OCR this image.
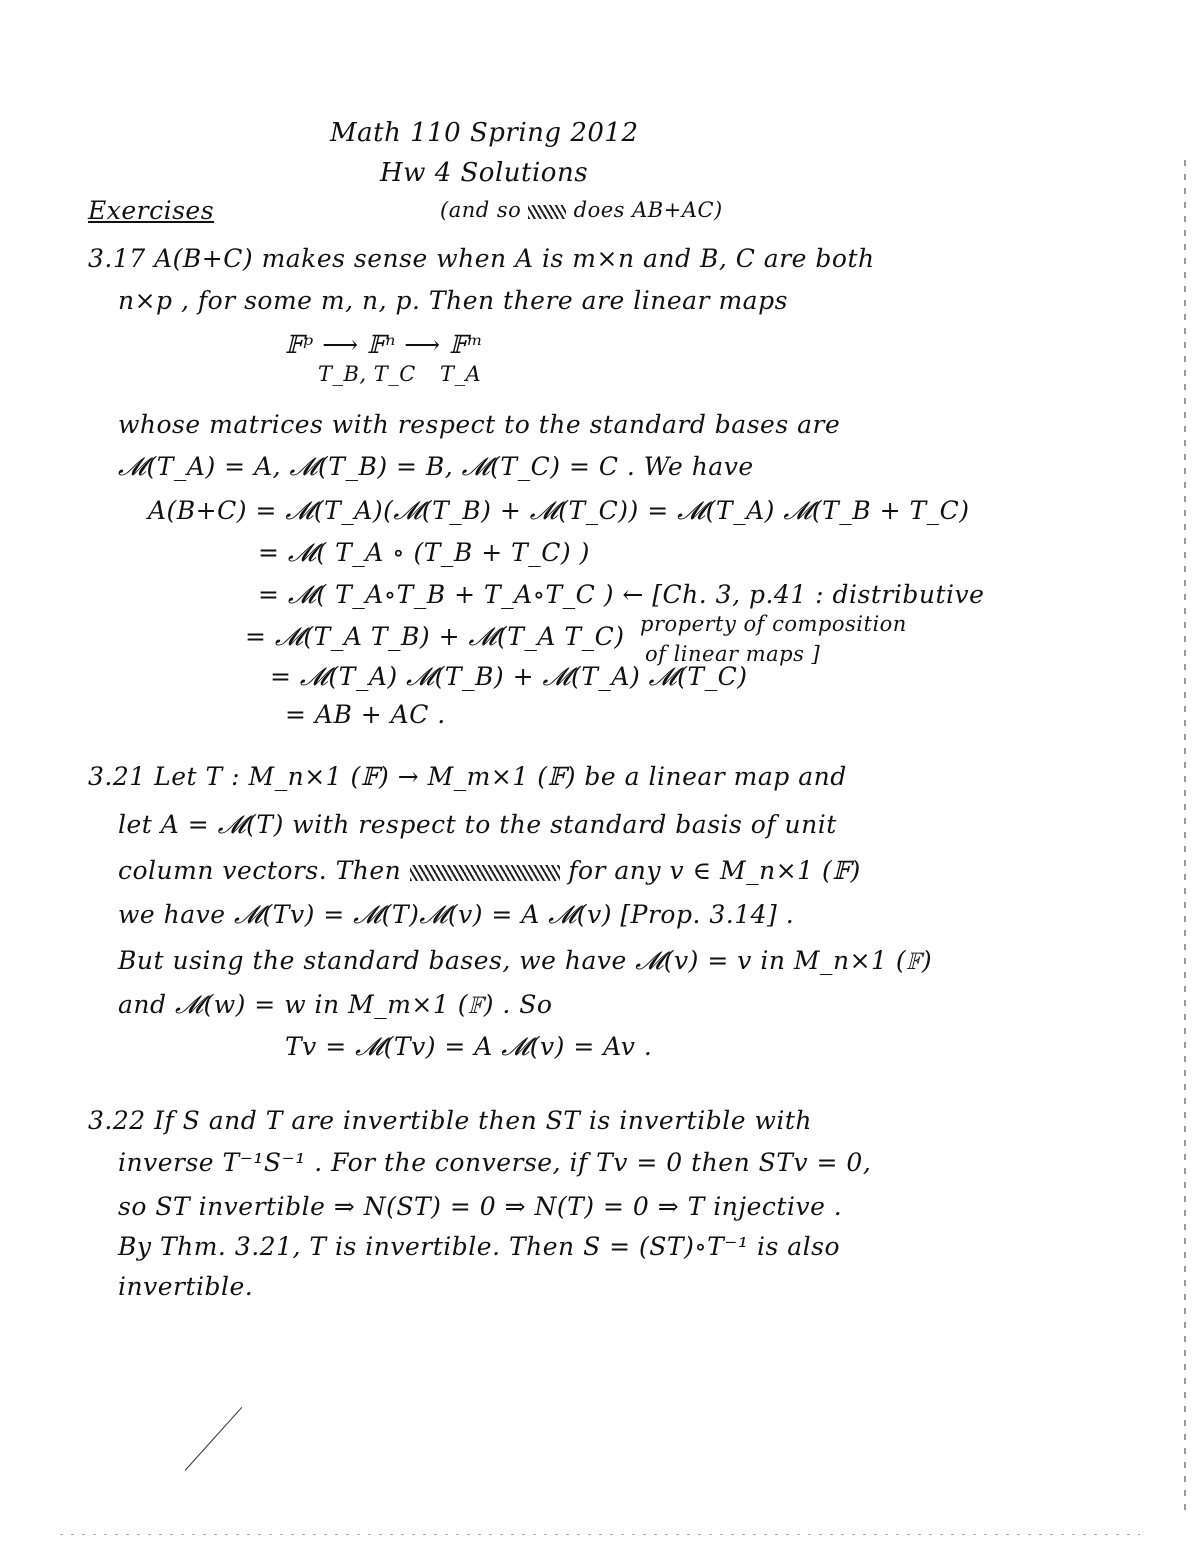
Math 110 Spring 2012
Hw 4 Solutions
Exercises	(and so does AB+AC)
3.17 A(B+C) makes sense when A is m×n and B, C are both
n×p , for some m, n, p. Then there are linear maps
𝔽ᵖ ⟶ 𝔽ⁿ ⟶ 𝔽ᵐ
T_B, T_C T_A
whose matrices with respect to the standard bases are
𝓜(T_A) = A, 𝓜(T_B) = B, 𝓜(T_C) = C . We have
A(B+C) = 𝓜(T_A)(𝓜(T_B) + 𝓜(T_C)) = 𝓜(T_A) 𝓜(T_B + T_C)
= 𝓜( T_A ∘ (T_B + T_C) )
= 𝓜( T_A∘T_B + T_A∘T_C ) ← [Ch. 3, p.41 : distributive
property of composition
= 𝓜(T_A T_B) + 𝓜(T_A T_C)
of linear maps ]
= 𝓜(T_A) 𝓜(T_B) + 𝓜(T_A) 𝓜(T_C)
= AB + AC .
3.21 Let T : M_n×1 (𝔽) → M_m×1 (𝔽) be a linear map and
let A = 𝓜(T) with respect to the standard basis of unit
column vectors. Then	for any v ∈ M_n×1 (𝔽)
we have 𝓜(Tv) = 𝓜(T)𝓜(v) = A 𝓜(v) [Prop. 3.14] .
But using the standard bases, we have 𝓜(v) = v in M_n×1 (𝔽)
and 𝓜(w) = w in M_m×1 (𝔽) . So
Tv = 𝓜(Tv) = A 𝓜(v) = Av .
3.22 If S and T are invertible then ST is invertible with
inverse T⁻¹S⁻¹ . For the converse, if Tv = 0 then STv = 0,
so ST invertible ⇒ N(ST) = 0 ⇒ N(T) = 0 ⇒ T injective .
By Thm. 3.21, T is invertible. Then S = (ST)∘T⁻¹ is also
invertible.
